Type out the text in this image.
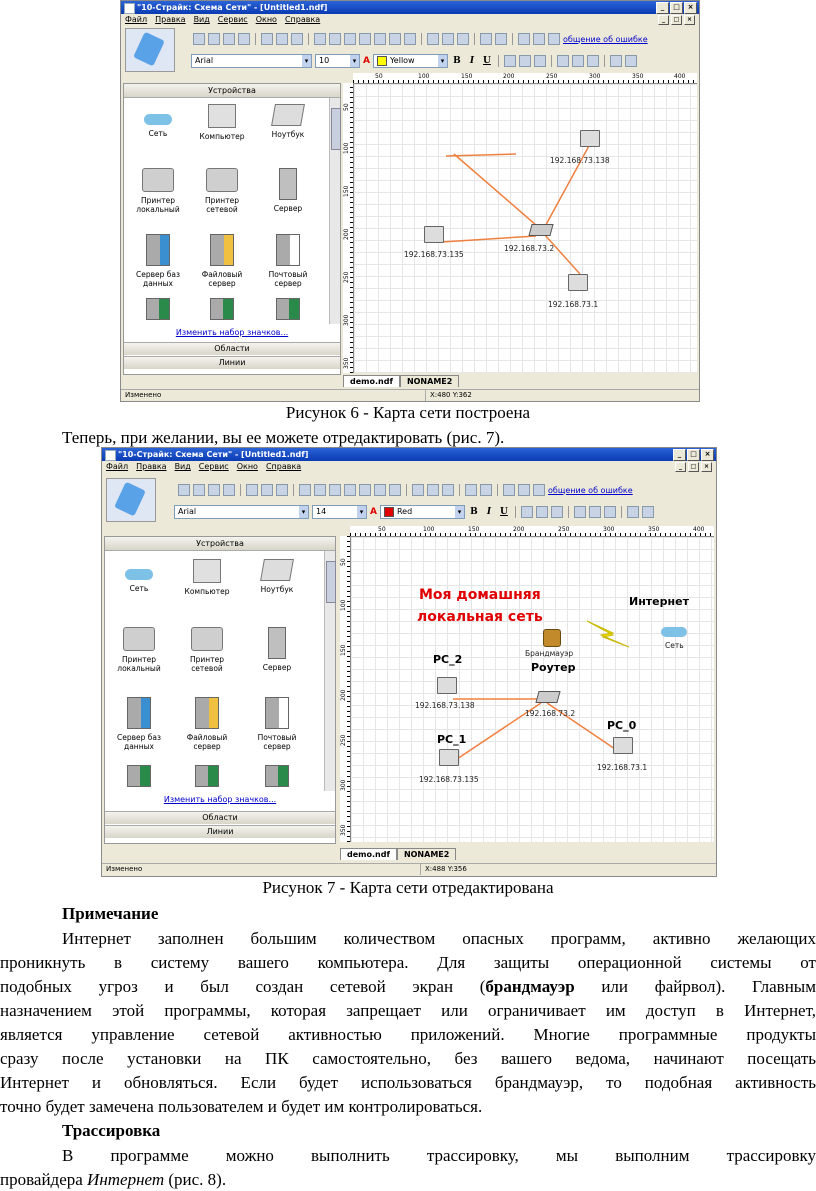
"10-Страйк: Схема Сети" - [Untitled1.ndf]	_	□	×
Файл Правка Вид Сервис Окно Справка	_	□	×
общение об ошибке
Arial ▾	10 ▾	A	Yellow ▾	B	I U
Устройства
Сеть	Компьютер	Ноутбук
Принтер локальный
Принтер сетевой	Сервер
Сервер баз данных
Файловый сервер
Почтовый сервер
Изменить набор значков...
Области
Линии
50	100	150	200	250	300	350	400
50
100
150
200
250
300
350
192.168.73.138
192.168.73.2
192.168.73.135
192.168.73.1
demo.ndf	NONAME2
Изменено	X:480 Y:362
Рисунок 6 - Карта сети построена
Теперь, при желании, вы ее можете отредактировать (рис. 7).
"10-Страйк: Схема Сети" - [Untitled1.ndf]	_	□	×
Файл Правка Вид Сервис Окно Справка	_	□	×
общение об ошибке
Arial ▾	14 ▾	A	Red ▾	B	I U
Устройства
Сеть	Компьютер	Ноутбук
Принтер локальный
Принтер сетевой	Сервер
Сервер баз данных
Файловый сервер
Почтовый сервер
Изменить набор значков...
Области
Линии
50	100	150	200	250	300	350	400
50
100
150
200
250
300
350
Моя домашняя
локальная сеть
Интернет
Сеть
Брандмауэр
Роутер
PC_2
192.168.73.138
192.168.73.2
PC_1
192.168.73.135
PC_0
192.168.73.1
demo.ndf	NONAME2
Изменено	X:488 Y:356
Рисунок 7 - Карта сети отредактирована
Примечание
Интернет заполнен большим количеством опасных программ, активно желающих
проникнуть в систему вашего компьютера. Для защиты операционной системы от
подобных угроз и был создан сетевой экран (брандмауэр или файрвол). Главным
назначением этой программы, которая запрещает или ограничивает им доступ в Интернет,
является управление сетевой активностью приложений. Многие программные продукты
сразу после установки на ПК самостоятельно, без вашего ведома, начинают посещать
Интернет и обновляться. Если будет использоваться брандмауэр, то подобная активность
точно будет замечена пользователем и будет им контролироваться.
Трассировка
В программе можно выполнить трассировку, мы выполним трассировку
провайдера Интернет (рис. 8).
